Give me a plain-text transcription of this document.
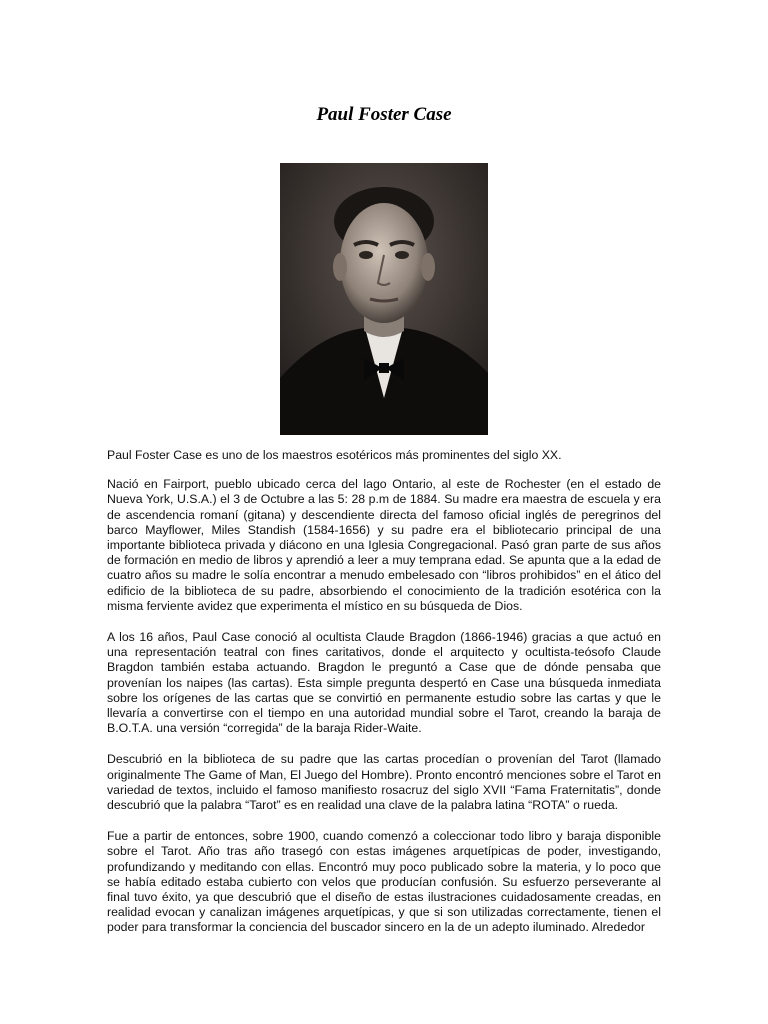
Paul Foster Case

Paul Foster Case es uno de los maestros esotéricos más prominentes del siglo XX.

Nació en Fairport, pueblo ubicado cerca del lago Ontario, al este de Rochester (en el estado de Nueva York, U.S.A.) el 3 de Octubre a las 5: 28 p.m de 1884. Su madre era maestra de escuela y era de ascendencia romaní (gitana) y descendiente directa del famoso oficial inglés de peregrinos del barco Mayflower, Miles Standish (1584-1656) y su padre era el bibliotecario principal de una importante biblioteca privada y diácono en una Iglesia Congregacional. Pasó gran parte de sus años de formación en medio de libros y aprendió a leer a muy temprana edad. Se apunta que a la edad de cuatro años su madre le solía encontrar a menudo embelesado con “libros prohibidos” en el ático del edificio de la biblioteca de su padre, absorbiendo el conocimiento de la tradición esotérica con la misma ferviente avidez que experimenta el místico en su búsqueda de Dios.

A los 16 años, Paul Case conoció al ocultista Claude Bragdon (1866-1946) gracias a que actuó en una representación teatral con fines caritativos, donde el arquitecto y ocultista-teósofo Claude Bragdon también estaba actuando. Bragdon le preguntó a Case que de dónde pensaba que provenían los naipes (las cartas). Esta simple pregunta despertó en Case una búsqueda inmediata sobre los orígenes de las cartas que se convirtió en permanente estudio sobre las cartas y que le llevaría a convertirse con el tiempo en una autoridad mundial sobre el Tarot, creando la baraja de B.O.T.A. una versión “corregida” de la baraja Rider-Waite.

Descubrió en la biblioteca de su padre que las cartas procedían o provenían del Tarot (llamado originalmente The Game of Man, El Juego del Hombre). Pronto encontró menciones sobre el Tarot en variedad de textos, incluido el famoso manifiesto rosacruz del siglo XVII “Fama Fraternitatis”, donde descubrió que la palabra “Tarot” es en realidad una clave de la palabra latina “ROTA” o rueda.

Fue a partir de entonces, sobre 1900, cuando comenzó a coleccionar todo libro y baraja disponible sobre el Tarot. Año tras año trasegó con estas imágenes arquetípicas de poder, investigando, profundizando y meditando con ellas. Encontró muy poco publicado sobre la materia, y lo poco que se había editado estaba cubierto con velos que producían confusión. Su esfuerzo perseverante al final tuvo éxito, ya que descubrió que el diseño de estas ilustraciones cuidadosamente creadas, en realidad evocan y canalizan imágenes arquetípicas, y que si son utilizadas correctamente, tienen el poder para transformar la conciencia del buscador sincero en la de un adepto iluminado. Alrededor
